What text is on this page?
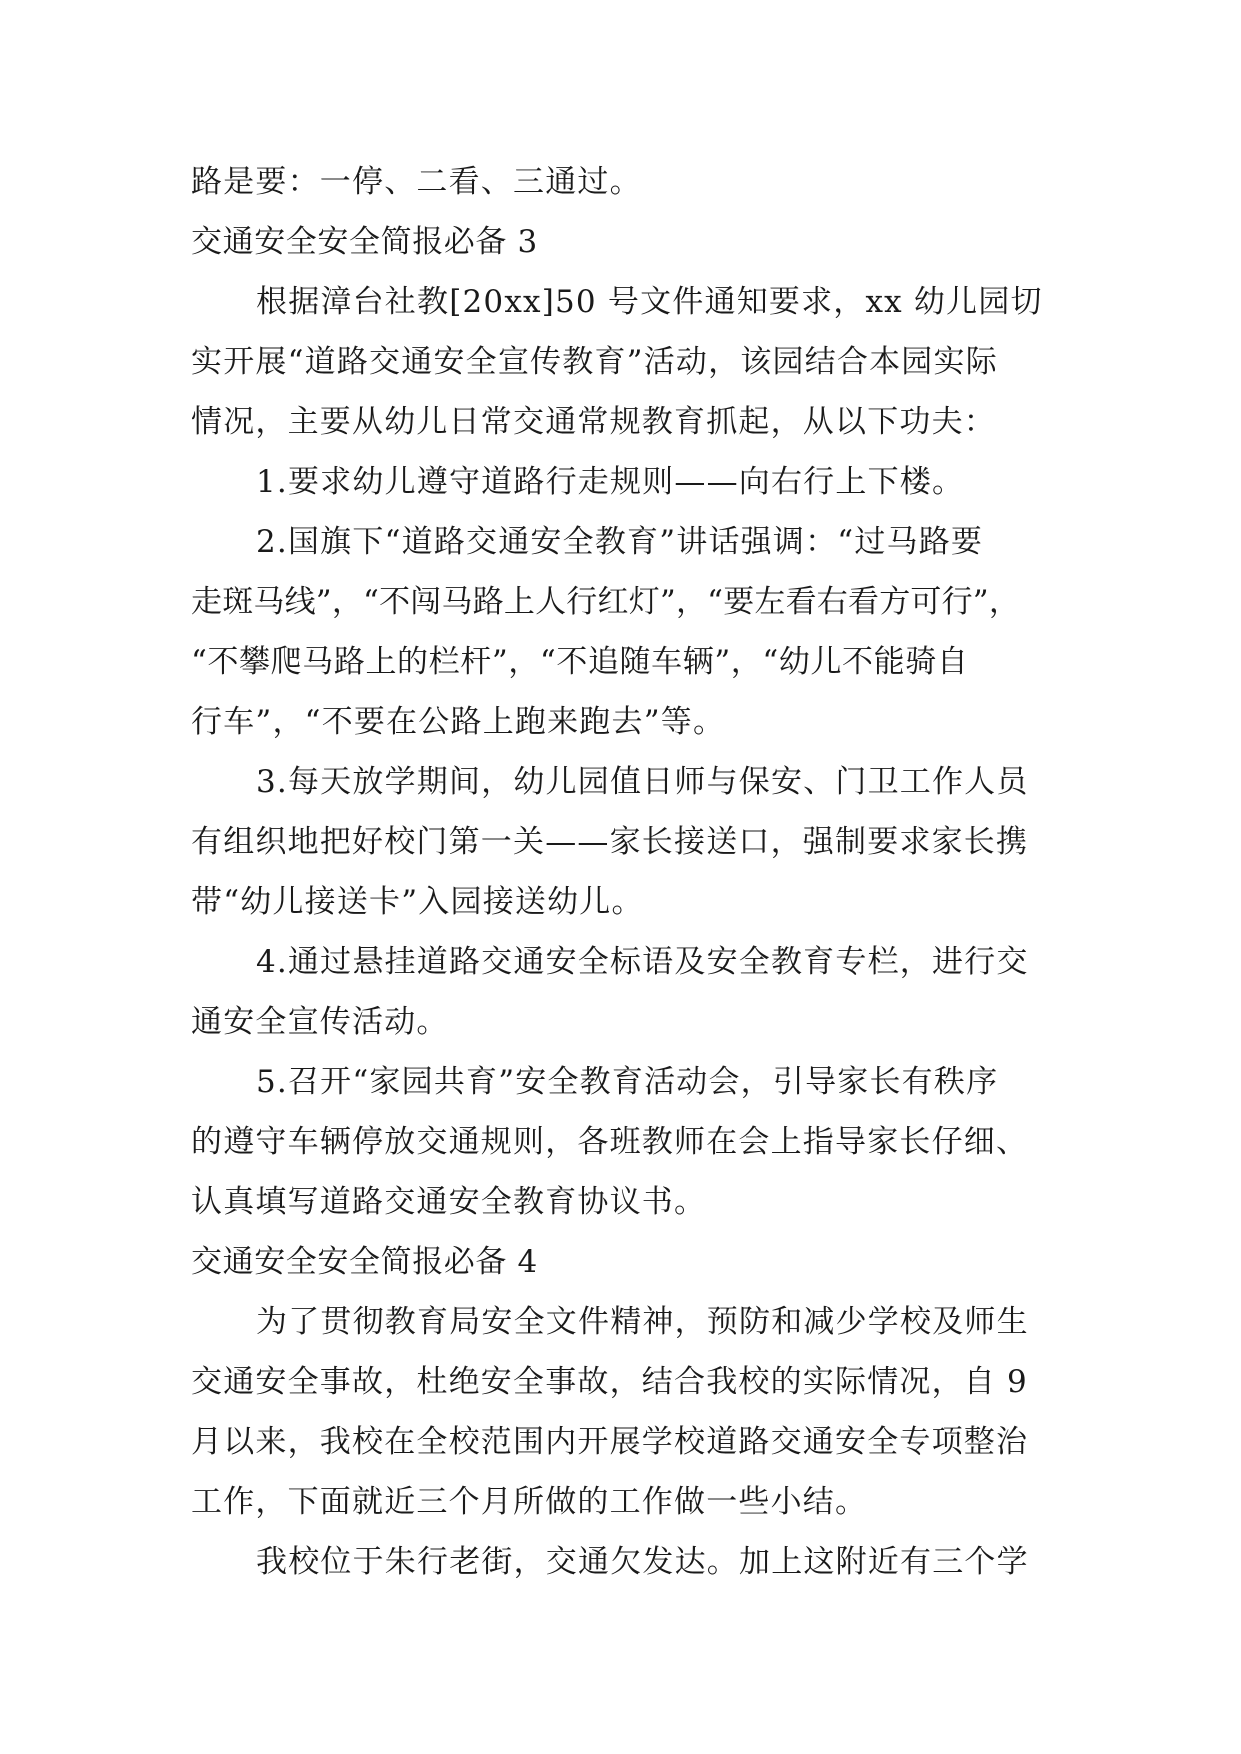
路是要：一停、二看、三通过。

交通安全安全简报必备 3

根据漳台社教[20xx]50 号文件通知要求，xx 幼儿园切

实开展“道路交通安全宣传教育”活动，该园结合本园实际

情况，主要从幼儿日常交通常规教育抓起，从以下功夫：

1.要求幼儿遵守道路行走规则——向右行上下楼。

2.国旗下“道路交通安全教育”讲话强调：“过马路要

走斑马线”，“不闯马路上人行红灯”，“要左看右看方可行”，

“不攀爬马路上的栏杆”，“不追随车辆”，“幼儿不能骑自

行车”，“不要在公路上跑来跑去”等。

3.每天放学期间，幼儿园值日师与保安、门卫工作人员

有组织地把好校门第一关——家长接送口，强制要求家长携

带“幼儿接送卡”入园接送幼儿。

4.通过悬挂道路交通安全标语及安全教育专栏，进行交

通安全宣传活动。

5.召开“家园共育”安全教育活动会，引导家长有秩序

的遵守车辆停放交通规则，各班教师在会上指导家长仔细、

认真填写道路交通安全教育协议书。

交通安全安全简报必备 4

为了贯彻教育局安全文件精神，预防和减少学校及师生

交通安全事故，杜绝安全事故，结合我校的实际情况，自 9

月以来，我校在全校范围内开展学校道路交通安全专项整治

工作，下面就近三个月所做的工作做一些小结。

我校位于朱行老街，交通欠发达。加上这附近有三个学
